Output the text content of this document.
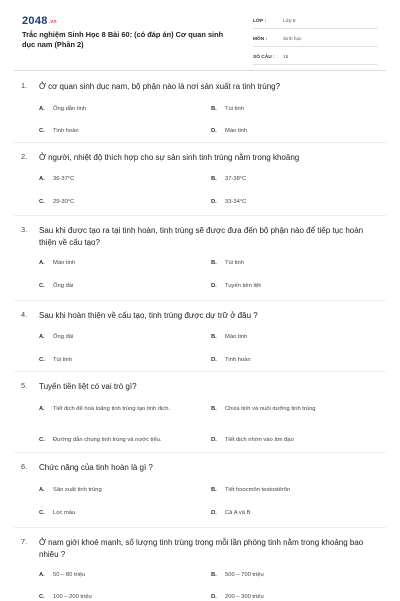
2048.vn
Trắc nghiệm Sinh Học 8 Bài 60: (có đáp án) Cơ quan sinh dục nam (Phần 2)
LỚP :	Lớp 8
MÔN :	Sinh học
SỐ CÂU :	15
1. Ở cơ quan sinh dục nam, bộ phận nào là nơi sản xuất ra tinh trùng?
A.	Ống dẫn tinh	B.	Túi tinh
C.	Tinh hoàn	D.	Mào tinh
2. Ở người, nhiệt độ thích hợp cho sự sản sinh tinh trùng nằm trong khoảng
A.	36-37°C	B.	37-38°C
C.	29-30°C	D.	33-34°C
3. Sau khi được tạo ra tại tinh hoàn, tinh trùng sẽ được đưa đến bộ phận nào để tiếp tục hoàn thiện về cấu tạo?
A.	Mào tinh	B.	Túi tinh
C.	Ống đái	D.	Tuyến tiền liệt
4. Sau khi hoàn thiện về cấu tạo, tinh trùng được dự trữ ở đâu ?
A.	Ống đái	B.	Mào tinh
C.	Túi tinh	D.	Tinh hoàn
5. Tuyến tiền liệt có vai trò gì?
A.	Tiết dịch để hoà loãng tinh trùng tạo tinh dịch.	B.	Chứa tinh và nuôi dưỡng tinh trùng
C.	Đường dẫn chung tinh trùng và nước tiểu.	D.	Tiết dịch nhờn vào âm đạo
6. Chức năng của tinh hoàn là gì ?
A.	Sản xuất tinh trùng	B.	Tiết hoocmôn testostêrôn
C.	Lọc máu	D.	Cả A và B
7. Ở nam giới khoẻ mạnh, số lượng tinh trùng trong mỗi lần phóng tinh nằm trong khoảng bao nhiêu ?
A.	50 – 80 triệu	B.	500 – 700 triệu
C.	100 – 200 triệu	D.	200 – 300 triệu
